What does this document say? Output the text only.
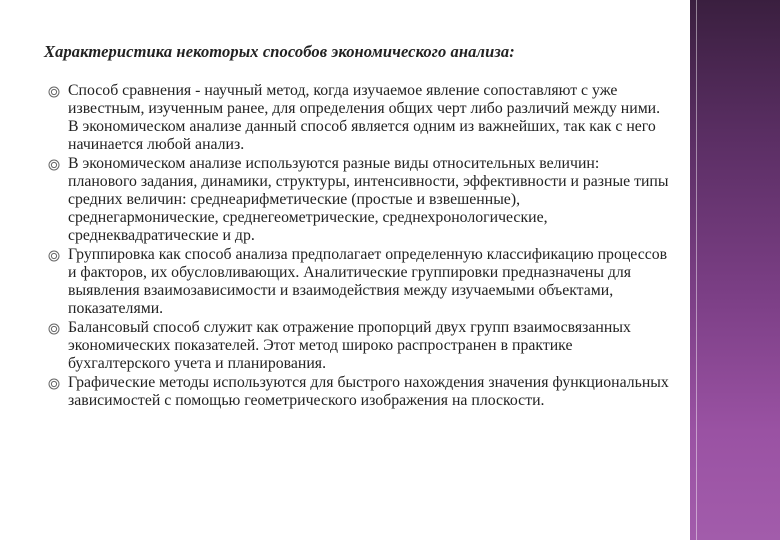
Характеристика некоторых способов экономического анализа:
Способ сравнения - научный метод, когда изучаемое явление сопоставляют с уже известным, изученным ранее, для определения общих черт либо различий между ними. В экономическом анализе данный способ является одним из важнейших, так как с него начинается любой анализ.
В экономическом анализе используются разные виды относительных величин: планового задания, динамики, структуры, интенсивности, эффективности и разные типы средних величин: среднеарифметические (простые и взвешенные), среднегармонические, среднегеометрические, среднехронологические, среднеквадратические и др.
Группировка как способ анализа предполагает определенную классификацию процессов и факторов, их обусловливающих. Аналитические группировки предназначены для выявления взаимозависимости и взаимодействия между изучаемыми объектами, показателями.
Балансовый способ служит как отражение пропорций двух групп взаимосвязанных экономических показателей. Этот метод широко распространен в практике бухгалтерского учета и планирования.
Графические методы используются для быстрого нахождения значения функциональных зависимостей с помощью геометрического изображения на плоскости.
